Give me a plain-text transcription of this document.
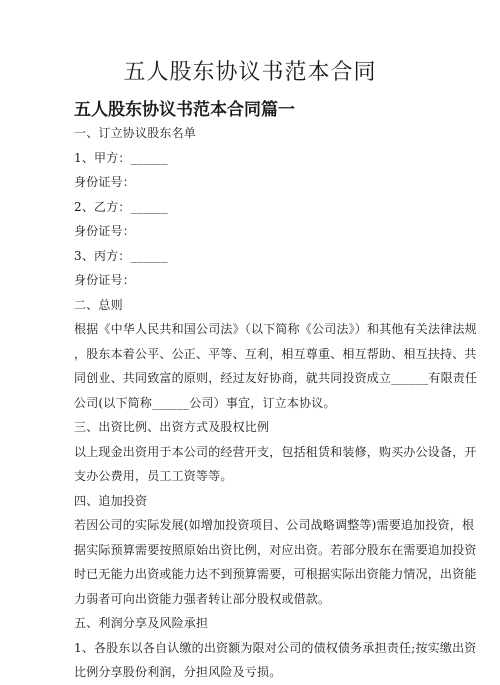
五人股东协议书范本合同
五人股东协议书范本合同篇一
一、订立协议股东名单
1、甲方：______
身份证号：
2、乙方：______
身份证号：
3、丙方：______
身份证号：
二、总则
根据《中华人民共和国公司法》（以下简称《公司法》）和其他有关法律法规
，股东本着公平、公正、平等、互利，相互尊重、相互帮助、相互扶持、共
同创业、共同致富的原则，经过友好协商，就共同投资成立______有限责任
公司(以下简称______公司）事宜，订立本协议。
三、出资比例、出资方式及股权比例
以上现金出资用于本公司的经营开支，包括租赁和装修，购买办公设备，开
支办公费用，员工工资等等。
四、追加投资
若因公司的实际发展(如增加投资项目、公司战略调整等)需要追加投资，根
据实际预算需要按照原始出资比例，对应出资。若部分股东在需要追加投资
时已无能力出资或能力达不到预算需要，可根据实际出资能力情况，出资能
力弱者可向出资能力强者转让部分股权或借款。
五、利润分享及风险承担
1、各股东以各自认缴的出资额为限对公司的债权债务承担责任;按实缴出资
比例分享股份利润，分担风险及亏损。
